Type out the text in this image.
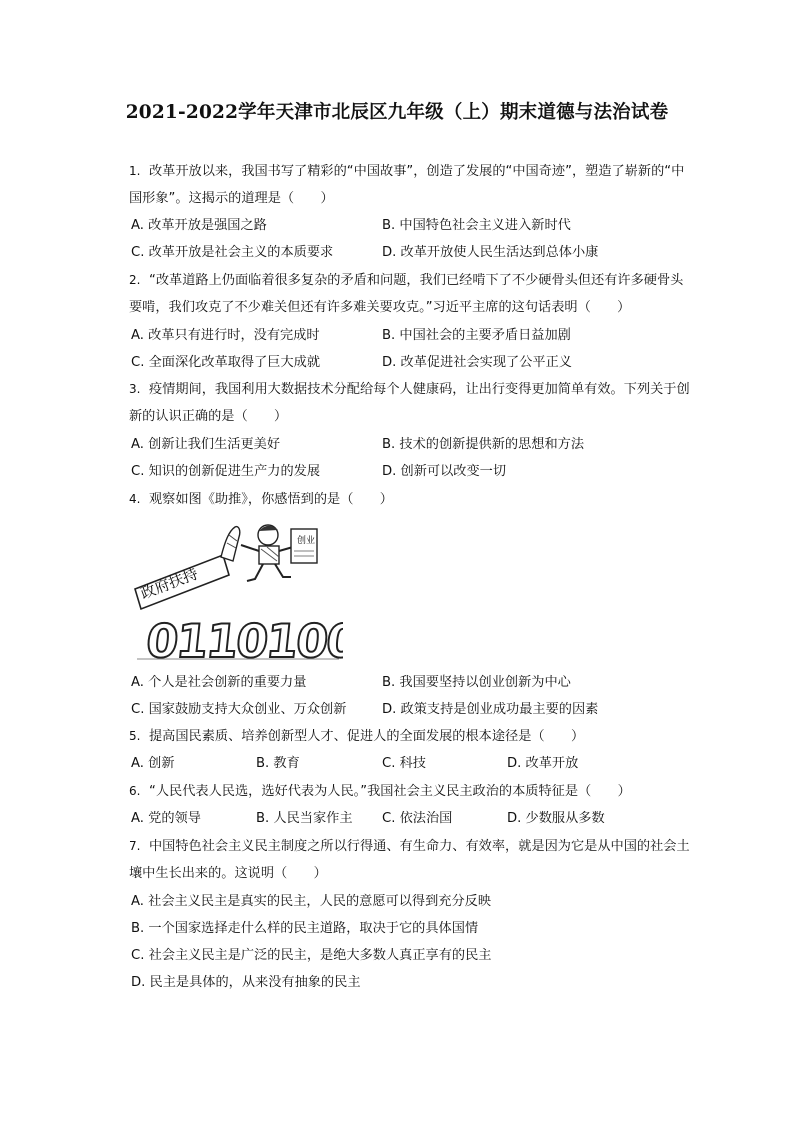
2021-2022学年天津市北辰区九年级（上）期末道德与法治试卷
1. 改革开放以来，我国书写了精彩的“中国故事”，创造了发展的“中国奇迹”，塑造了崭新的“中国形象”。这揭示的道理是（　　）
A. 改革开放是强国之路	B. 中国特色社会主义进入新时代
C. 改革开放是社会主义的本质要求	D. 改革开放使人民生活达到总体小康
2. “改革道路上仍面临着很多复杂的矛盾和问题，我们已经啃下了不少硬骨头但还有许多硬骨头要啃，我们攻克了不少难关但还有许多难关要攻克。”习近平主席的这句话表明（　　）
A. 改革只有进行时，没有完成时	B. 中国社会的主要矛盾日益加剧
C. 全面深化改革取得了巨大成就	D. 改革促进社会实现了公平正义
3. 疫情期间，我国利用大数据技术分配给每个人健康码，让出行变得更加简单有效。下列关于创新的认识正确的是（　　）
A. 创新让我们生活更美好	B. 技术的创新提供新的思想和方法
C. 知识的创新促进生产力的发展	D. 创新可以改变一切
4. 观察如图《助推》，你感悟到的是（　　）
政府扶持
创业
0110100
A. 个人是社会创新的重要力量	B. 我国要坚持以创业创新为中心
C. 国家鼓励支持大众创业、万众创新	D. 政策支持是创业成功最主要的因素
5. 提高国民素质、培养创新型人才、促进人的全面发展的根本途径是（　　）
A. 创新	B. 教育	C. 科技	D. 改革开放
6. “人民代表人民选，选好代表为人民。”我国社会主义民主政治的本质特征是（　　）
A. 党的领导	B. 人民当家作主 C. 依法治国	D. 少数服从多数
7. 中国特色社会主义民主制度之所以行得通、有生命力、有效率，就是因为它是从中国的社会土壤中生长出来的。这说明（　　）
A. 社会主义民主是真实的民主，人民的意愿可以得到充分反映
B. 一个国家选择走什么样的民主道路，取决于它的具体国情
C. 社会主义民主是广泛的民主，是绝大多数人真正享有的民主
D. 民主是具体的，从来没有抽象的民主
